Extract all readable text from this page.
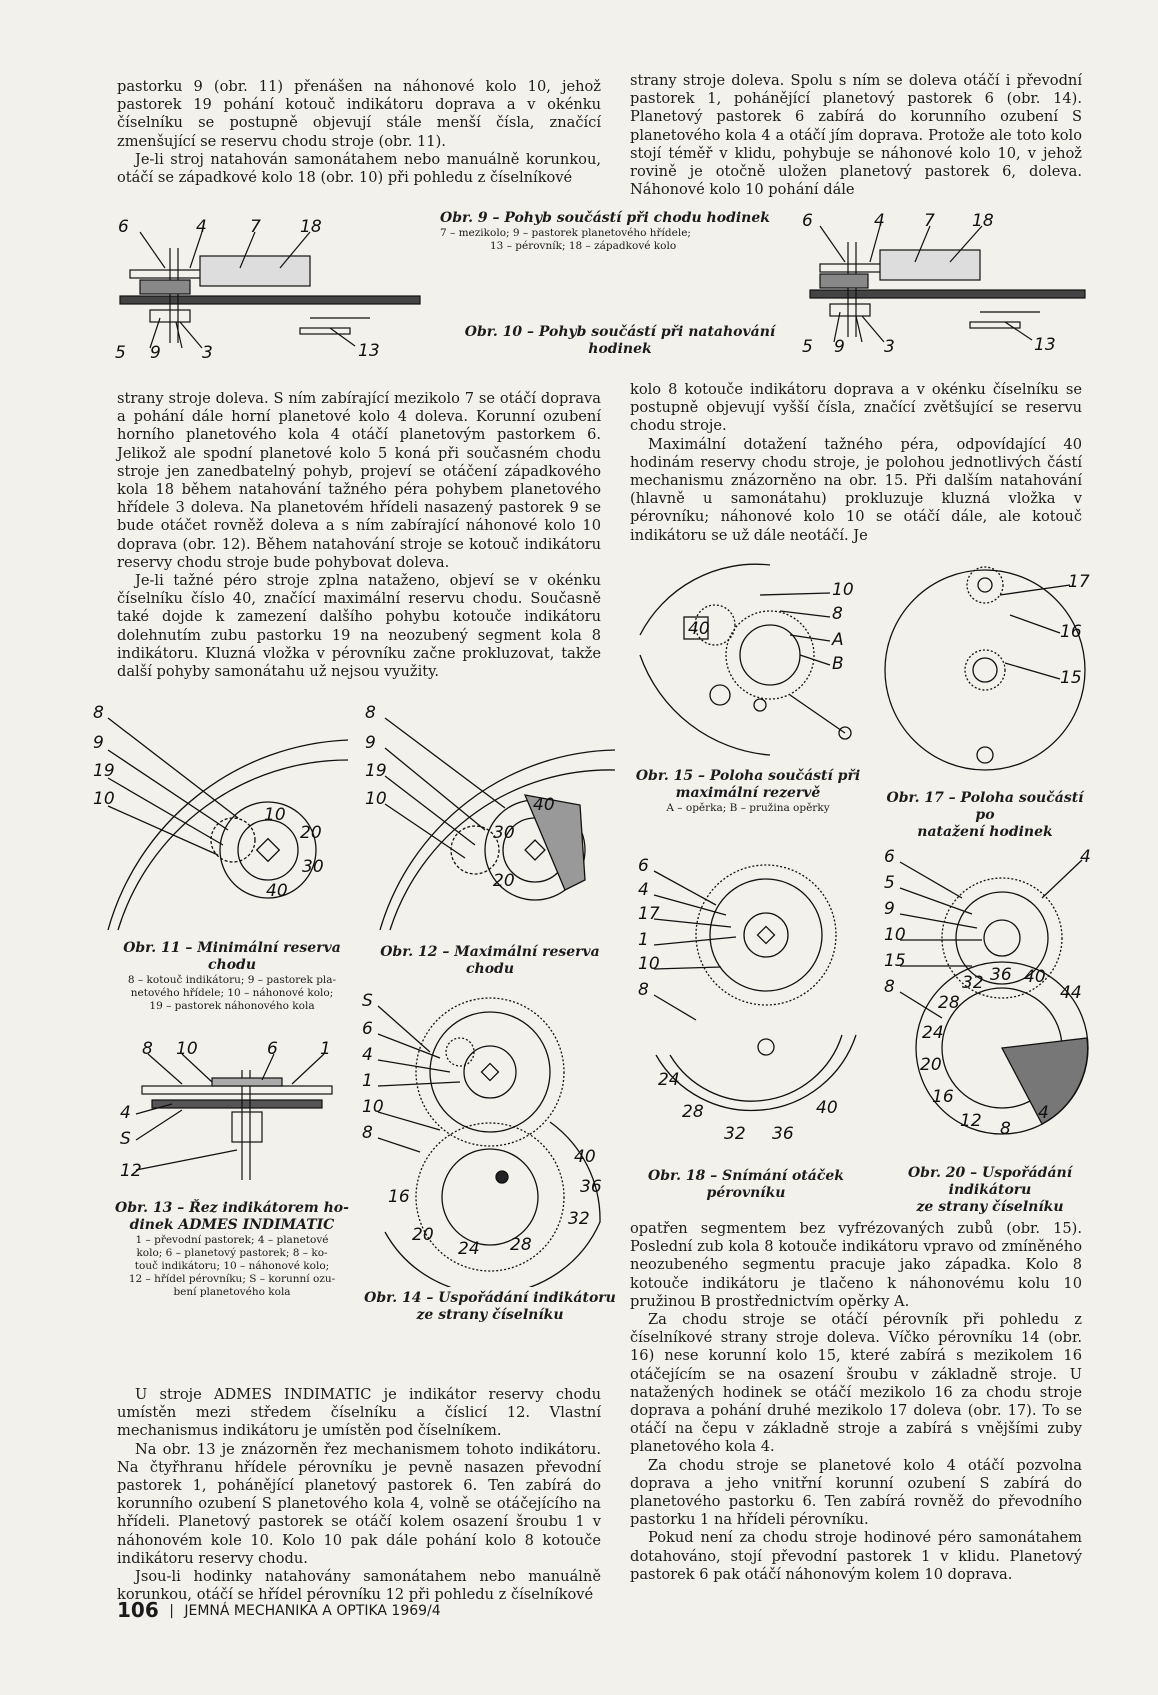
pastorku 9 (obr. 11) přenášen na náhonové kolo 10, jehož pastorek 19 pohání kotouč indikátoru doprava a v okénku číselníku se postupně objevují stále menší čísla, značící zmenšující se reservu chodu stroje (obr. 11).

Je-li stroj natahován samonátahem nebo manuálně korunkou, otáčí se západkové kolo 18 (obr. 10) při pohledu z číselníkové

strany stroje doleva. Spolu s ním se doleva otáčí i převodní pastorek 1, pohánějící planetový pastorek 6 (obr. 14). Planetový pastorek 6 zabírá do korunního ozubení S planetového kola 4 a otáčí jím doprava. Protože ale toto kolo stojí téměř v klidu, pohybuje se náhonové kolo 10, v jehož rovině je otočně uložen planetový pastorek 6, doleva. Náhonové kolo 10 pohání dále

strany stroje doleva. S ním zabírající mezikolo 7 se otáčí doprava a pohání dále horní planetové kolo 4 doleva. Korunní ozubení horního planetového kola 4 otáčí planetovým pastorkem 6. Jelikož ale spodní planetové kolo 5 koná při současném chodu stroje jen zanedbatelný pohyb, projeví se otáčení západkového kola 18 během natahování tažného péra pohybem planetového hřídele 3 doleva. Na planetovém hřídeli nasazený pastorek 9 se bude otáčet rovněž doleva a s ním zabírající náhonové kolo 10 doprava (obr. 12). Během natahování stroje se kotouč indikátoru reservy chodu stroje bude pohybovat doleva.

Je-li tažné péro stroje zplna nataženo, objeví se v okénku číselníku číslo 40, značící maximální reservu chodu. Současně také dojde k zamezení dalšího pohybu kotouče indikátoru dolehnutím zubu pastorku 19 na neozubený segment kola 8 indikátoru. Kluzná vložka v pérovníku začne prokluzovat, takže další pohyby samonátahu už nejsou využity.

kolo 8 kotouče indikátoru doprava a v okénku číselníku se postupně objevují vyšší čísla, značící zvětšující se reservu chodu stroje.

Maximální dotažení tažného péra, odpovídající 40 hodinám reservy chodu stroje, je polohou jednotlivých částí mechanismu znázorněno na obr. 15. Při dalším natahování (hlavně u samonátahu) prokluzuje kluzná vložka v pérovníku; náhonové kolo 10 se otáčí dále, ale kotouč indikátoru se už dále neotáčí. Je

U stroje ADMES INDIMATIC je indikátor reservy chodu umístěn mezi středem číselníku a číslicí 12. Vlastní mechanismus indikátoru je umístěn pod číselníkem.

Na obr. 13 je znázorněn řez mechanismem tohoto indikátoru. Na čtyřhranu hřídele pérovníku je pevně nasazen převodní pastorek 1, pohánějící planetový pastorek 6. Ten zabírá do korunního ozubení S planetového kola 4, volně se otáčejícího na hřídeli. Planetový pastorek se otáčí kolem osazení šroubu 1 v náhonovém kole 10. Kolo 10 pak dále pohání kolo 8 kotouče indikátoru reservy chodu.

Jsou-li hodinky natahovány samonátahem nebo manuálně korunkou, otáčí se hřídel pérovníku 12 při pohledu z číselníkové

opatřen segmentem bez vyfrézovaných zubů (obr. 15). Poslední zub kola 8 kotouče indikátoru vpravo od zmíněného neozubeného segmentu pracuje jako západka. Kolo 8 kotouče indikátoru je tlačeno k náhonovému kolu 10 pružinou B prostřednictvím opěrky A.

Za chodu stroje se otáčí pérovník při pohledu z číselníkové strany stroje doleva. Víčko pérovníku 14 (obr. 16) nese korunní kolo 15, které zabírá s mezikolem 16 otáčejícím se na osazení šroubu v základně stroje. U natažených hodinek se otáčí mezikolo 16 za chodu stroje doprava a pohání druhé mezikolo 17 doleva (obr. 17). To se otáčí na čepu v základně stroje a zabírá s vnějšími zuby planetového kola 4.

Za chodu stroje se planetové kolo 4 otáčí pozvolna doprava a jeho vnitřní korunní ozubení S zabírá do planetového pastorku 6. Ten zabírá rovněž do převodního pastorku 1 na hřídeli pérovníku.

Pokud není za chodu stroje hodinové péro samonátahem dotahováno, stojí převodní pastorek 1 v klidu. Planetový pastorek 6 pak otáčí náhonovým kolem 10 doprava.

Obr. 9 – Pohyb součástí při chodu hodinek
7 – mezikolo; 9 – pastorek planetového hřídele;
13 – pérovník; 18 – západkové kolo
Obr. 10 – Pohyb součástí při natahování
hodinek
Obr. 11 – Minimální reserva
chodu
8 – kotouč indikátoru; 9 – pastorek pla-
netového hřídele; 10 – náhonové kolo;
19 – pastorek náhonového kola
Obr. 12 – Maximální reserva
chodu
Obr. 13 – Řez indikátorem ho-
dinek ADMES INDIMATIC
1 – převodní pastorek; 4 – planetové
kolo; 6 – planetový pastorek; 8 – ko-
touč indikátoru; 10 – náhonové kolo;
12 – hřídel pérovníku; S – korunní ozu-
bení planetového kola	Obr. 14 – Uspořádání indikátoru
ze strany číselníku
Obr. 15 – Poloha součástí při
maximální rezervě
A – opěrka; B – pružina opěrky
Obr. 17 – Poloha součástí po
natažení hodinek
Obr. 18 – Snímání otáček
pérovníku
Obr. 20 – Uspořádání indikátoru
ze strany číselníku
6	4	7 18
5 9 3	13
6	4 7 18
5 9 3	13
8
9
19
10
10
20
30
40
8
9
19
10	40
30
20
8 10	6 1
4
S
12
S
6
4
1
10
8
40
36
32
28
24
20
16
10
8
A
B
40
17
16
15
6
4
17
1
10
8
24
28
32 36
40
6	4
5
9
10
15
8
36
32
28
24
20
16
12 8
4
44
40
106 | JEMNÁ MECHANIKA A OPTIKA 1969/4
